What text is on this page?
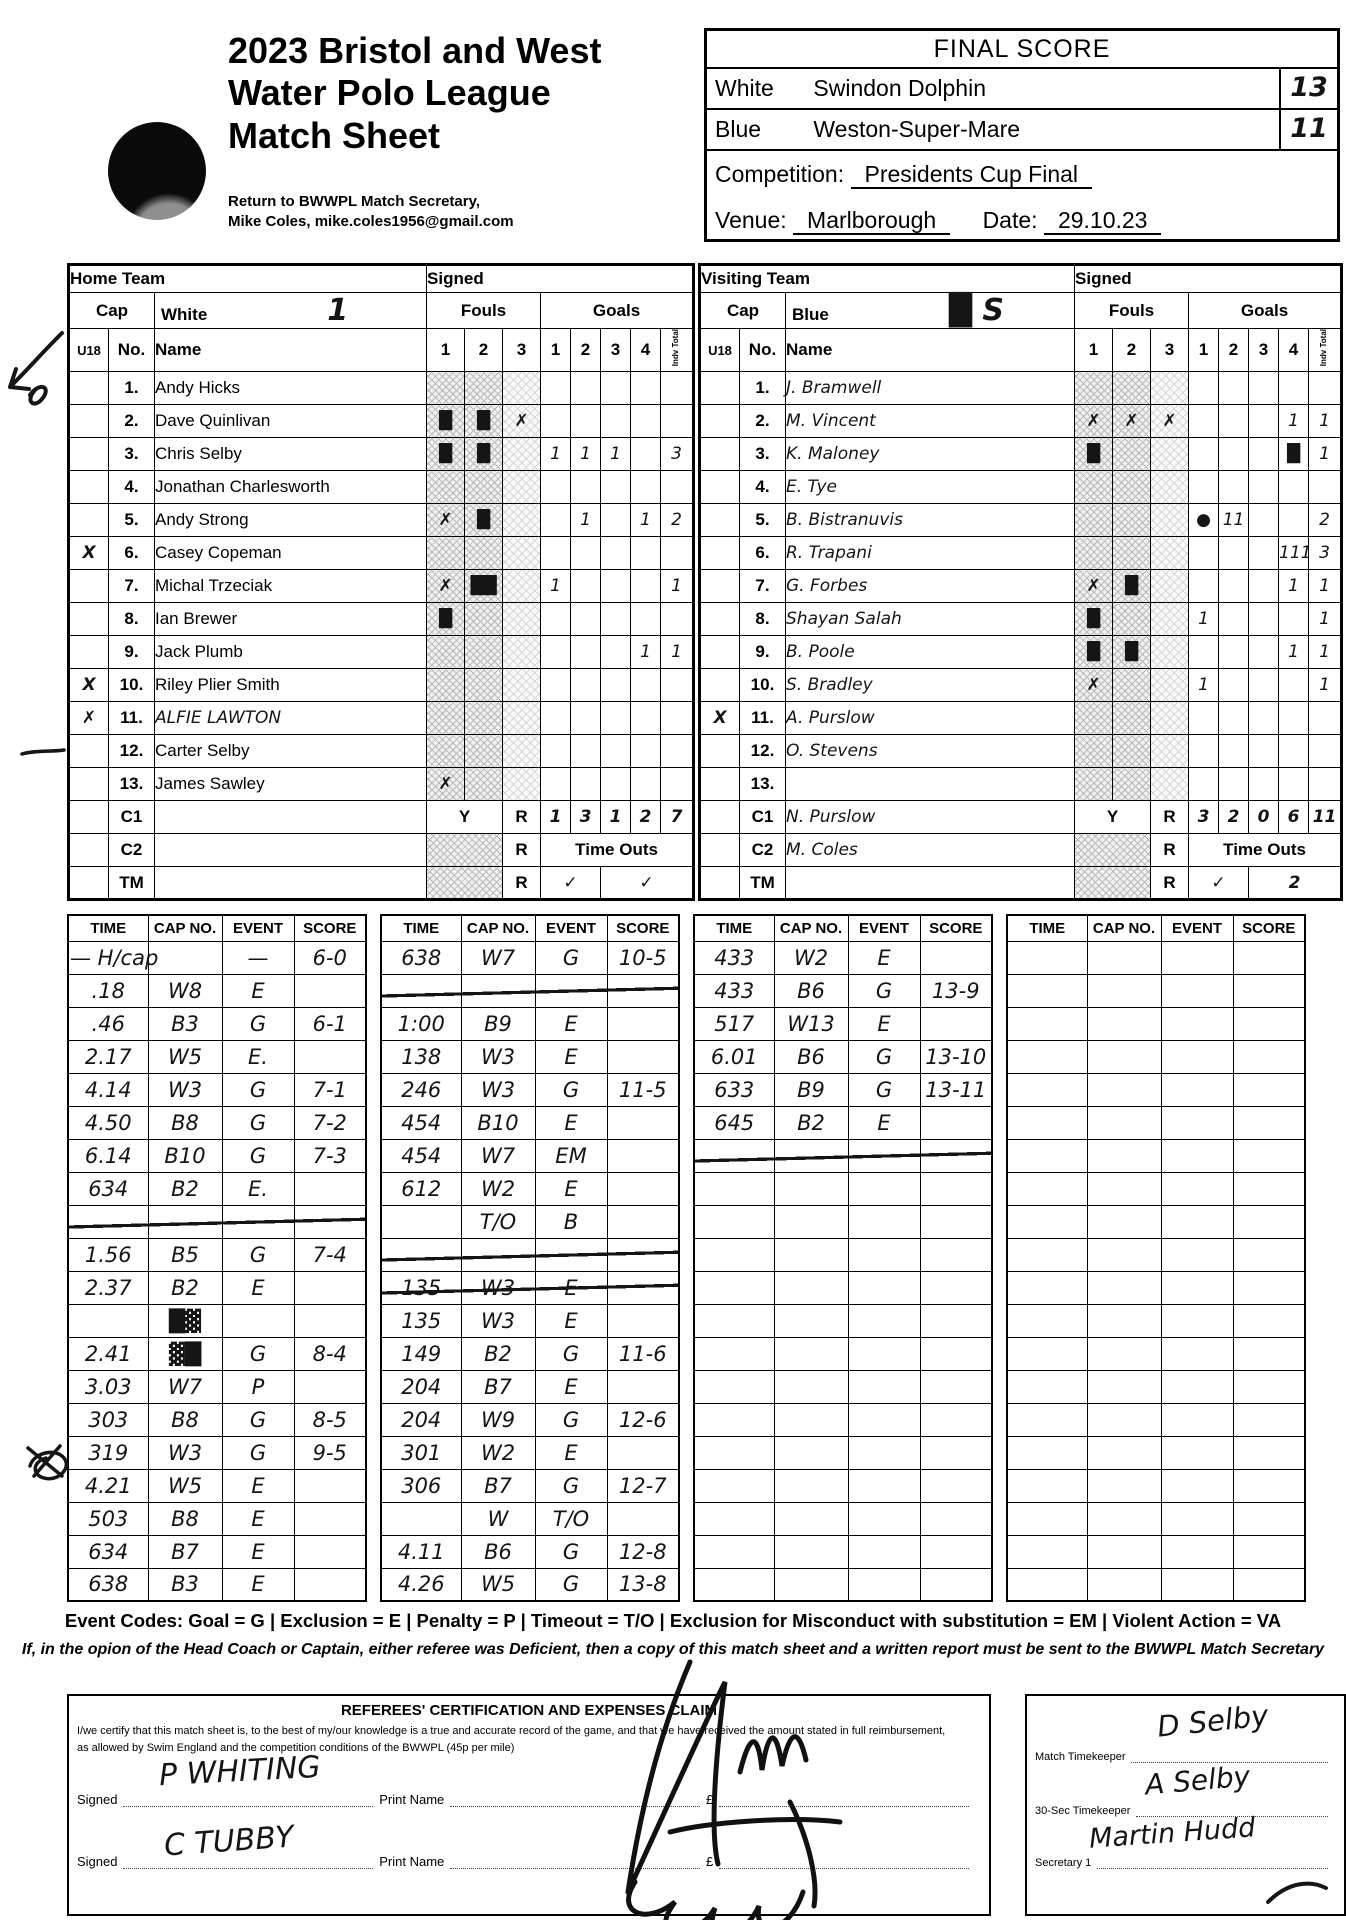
2023 Bristol and West
Water Polo League
Match Sheet
Return to BWWPL Match Secretary,
Mike Coles, mike.coles1956@gmail.com
FINAL SCORE
White Swindon Dolphin	13
Blue Weston-Super-Mare	11
Competition: Presidents Cup Final
Venue: Marlborough Date: 29.10.23
Home Team			Signed							
Cap		White 1	Fouls			Goals				
U18	No.	Name	1	2	3	1	2	3	4	Indv Total
	1.	Andy Hicks								
	2.	Dave Quinlivan	█	█	✗					
	3.	Chris Selby	█	█		1	1	1		3
	4.	Jonathan Charlesworth								
	5.	Andy Strong	✗	█			1		1	2
X	6.	Casey Copeman								
	7.	Michal Trzeciak	✗	██		1				1
	8.	Ian Brewer	█							
	9.	Jack Plumb							1	1
X	10.	Riley Plier Smith								
✗	11.	ALFIE LAWTON								
	12.	Carter Selby								
	13.	James Sawley	✗							
	C1		Y		R	1	3	1	2	7
	C2				R	Time Outs				
	TM				R	✓		✓		
Visiting Team			Signed							
Cap		Blue █ S	Fouls			Goals				
U18	No.	Name	1	2	3	1	2	3	4	Indv Total
	1.	J. Bramwell								
	2.	M. Vincent	✗	✗	✗				1	1
	3.	K. Maloney	█						█	1
	4.	E. Tye								
	5.	B. Bistranuvis				●	11			2
	6.	R. Trapani							111	3
	7.	G. Forbes	✗	█					1	1
	8.	Shayan Salah	█			1				1
	9.	B. Poole	█	█					1	1
	10.	S. Bradley	✗			1				1
X	11.	A. Purslow								
	12.	O. Stevens								
	13.									
	C1	N. Purslow	Y		R	3	2	0	6	11
	C2	M. Coles			R	Time Outs				
	TM				R	✓		2		
TIME	CAP NO.	EVENT	SCORE
— H/cap		—	6-0
.18	W8	E	
.46	B3	G	6-1
2.17	W5	E.	
4.14	W3	G	7-1
4.50	B8	G	7-2
6.14	B10	G	7-3
634	B2	E.	

1.56	B5	G	7-4
2.37	B2	E	
	█▓		
2.41	▓█	G	8-4
3.03	W7	P	
303	B8	G	8-5
319	W3	G	9-5
4.21	W5	E	
503	B8	E	
634	B7	E	
638	B3	E	
TIME	CAP NO.	EVENT	SCORE
638	W7	G	10-5

1:00	B9	E	
138	W3	E	
246	W3	G	11-5
454	B10	E	
454	W7	EM	
612	W2	E	
	T/O	B	

135	W3	E	
135	W3	E	
149	B2	G	11-6
204	B7	E	
204	W9	G	12-6
301	W2	E	
306	B7	G	12-7
	W	T/O	
4.11	B6	G	12-8
4.26	W5	G	13-8
TIME	CAP NO.	EVENT	SCORE
433	W2	E	
433	B6	G	13-9
517	W13	E	
6.01	B6	G	13-10
633	B9	G	13-11
645	B2	E	

TIME	CAP NO.	EVENT	SCORE

Event Codes: Goal = G | Exclusion = E | Penalty = P | Timeout = T/O | Exclusion for Misconduct with substitution = EM | Violent Action = VA
If, in the opion of the Head Coach or Captain, either referee was Deficient, then a copy of this match sheet and a written report must be sent to the BWWPL Match Secretary
REFEREES' CERTIFICATION AND EXPENSES CLAIM
I/we certify that this match sheet is, to the best of my/our knowledge is a true and accurate record of the game, and that we have received the amount stated in full reimbursement,
as allowed by Swim England and the competition conditions of the BWWPL (45p per mile)
Signed	Print Name	£
Signed	Print Name	£
P WHITING
C TUBBY
Match Timekeeper
30-Sec Timekeeper
Secretary 1
D Selby
A Selby
Martin Hudd
